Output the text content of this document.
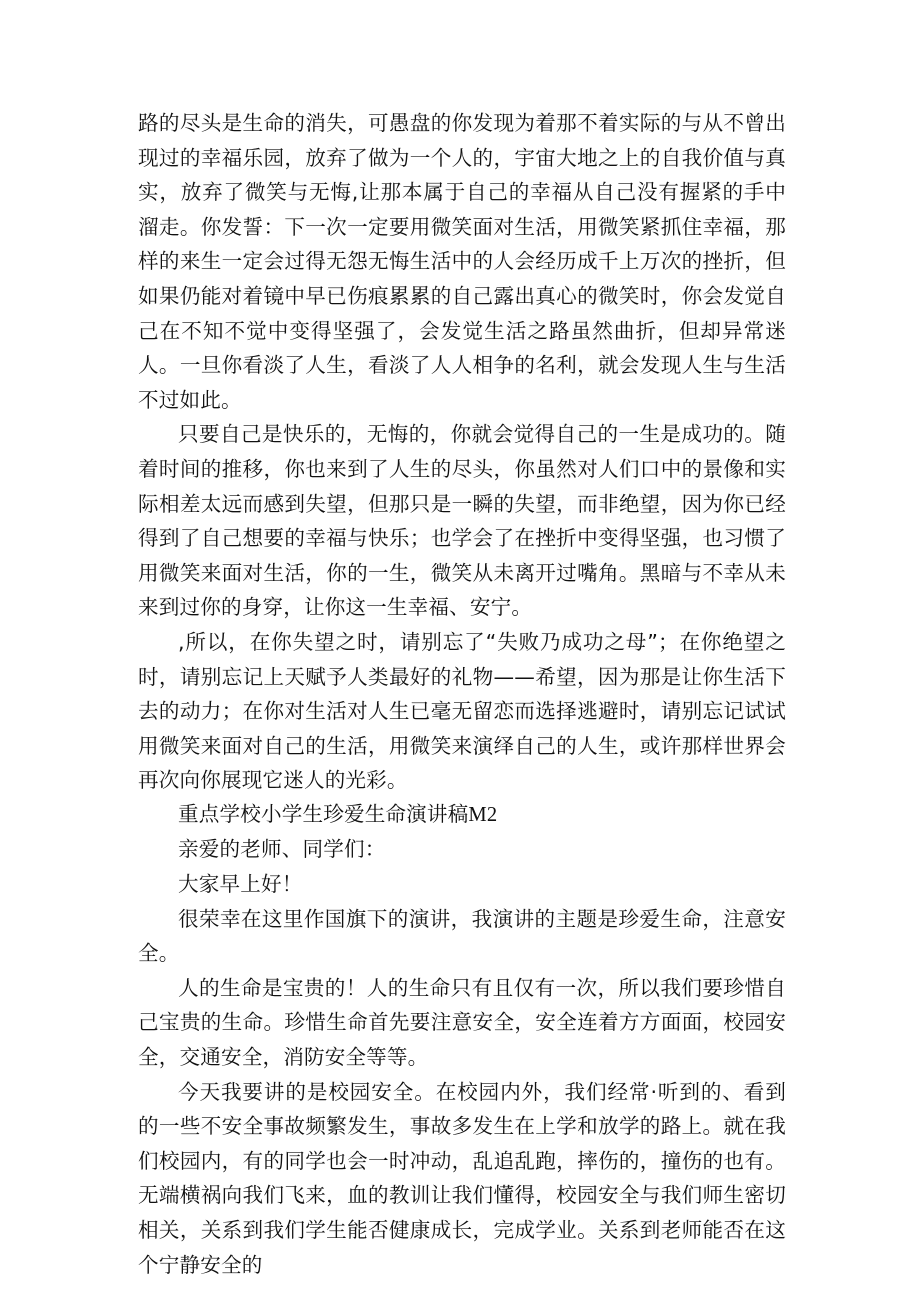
路的尽头是生命的消失，可愚盘的你发现为着那不着实际的与从不曾出现过的幸福乐园，放弃了做为一个人的，宇宙大地之上的自我价值与真实，放弃了微笑与无悔,让那本属于自己的幸福从自己没有握紧的手中溜走。你发誓：下一次一定要用微笑面对生活，用微笑紧抓住幸福，那样的来生一定会过得无怨无悔生活中的人会经历成千上万次的挫折，但如果仍能对着镜中早已伤痕累累的自己露出真心的微笑时，你会发觉自己在不知不觉中变得坚强了，会发觉生活之路虽然曲折，但却异常迷人。一旦你看淡了人生，看淡了人人相争的名利，就会发现人生与生活不过如此。

只要自己是快乐的，无悔的，你就会觉得自己的一生是成功的。随着时间的推移，你也来到了人生的尽头，你虽然对人们口中的景像和实际相差太远而感到失望，但那只是一瞬的失望，而非绝望，因为你已经得到了自己想要的幸福与快乐；也学会了在挫折中变得坚强，也习惯了用微笑来面对生活，你的一生，微笑从未离开过嘴角。黑暗与不幸从未来到过你的身穿，让你这一生幸福、安宁。

,所以，在你失望之时，请别忘了“失败乃成功之母”；在你绝望之时，请别忘记上天赋予人类最好的礼物——希望，因为那是让你生活下去的动力；在你对生活对人生已毫无留恋而选择逃避时，请别忘记试试用微笑来面对自己的生活，用微笑来演绎自己的人生，或许那样世界会再次向你展现它迷人的光彩。

重点学校小学生珍爱生命演讲稿M2

亲爱的老师、同学们：

大家早上好！

很荣幸在这里作国旗下的演讲，我演讲的主题是珍爱生命，注意安全。

人的生命是宝贵的！人的生命只有且仅有一次，所以我们要珍惜自己宝贵的生命。珍惜生命首先要注意安全，安全连着方方面面，校园安全，交通安全，消防安全等等。

今天我要讲的是校园安全。在校园内外，我们经常·听到的、看到的一些不安全事故频繁发生，事故多发生在上学和放学的路上。就在我们校园内，有的同学也会一时冲动，乱追乱跑，摔伤的，撞伤的也有。无端横祸向我们飞来，血的教训让我们懂得，校园安全与我们师生密切相关，关系到我们学生能否健康成长，完成学业。关系到老师能否在这个宁静安全的
